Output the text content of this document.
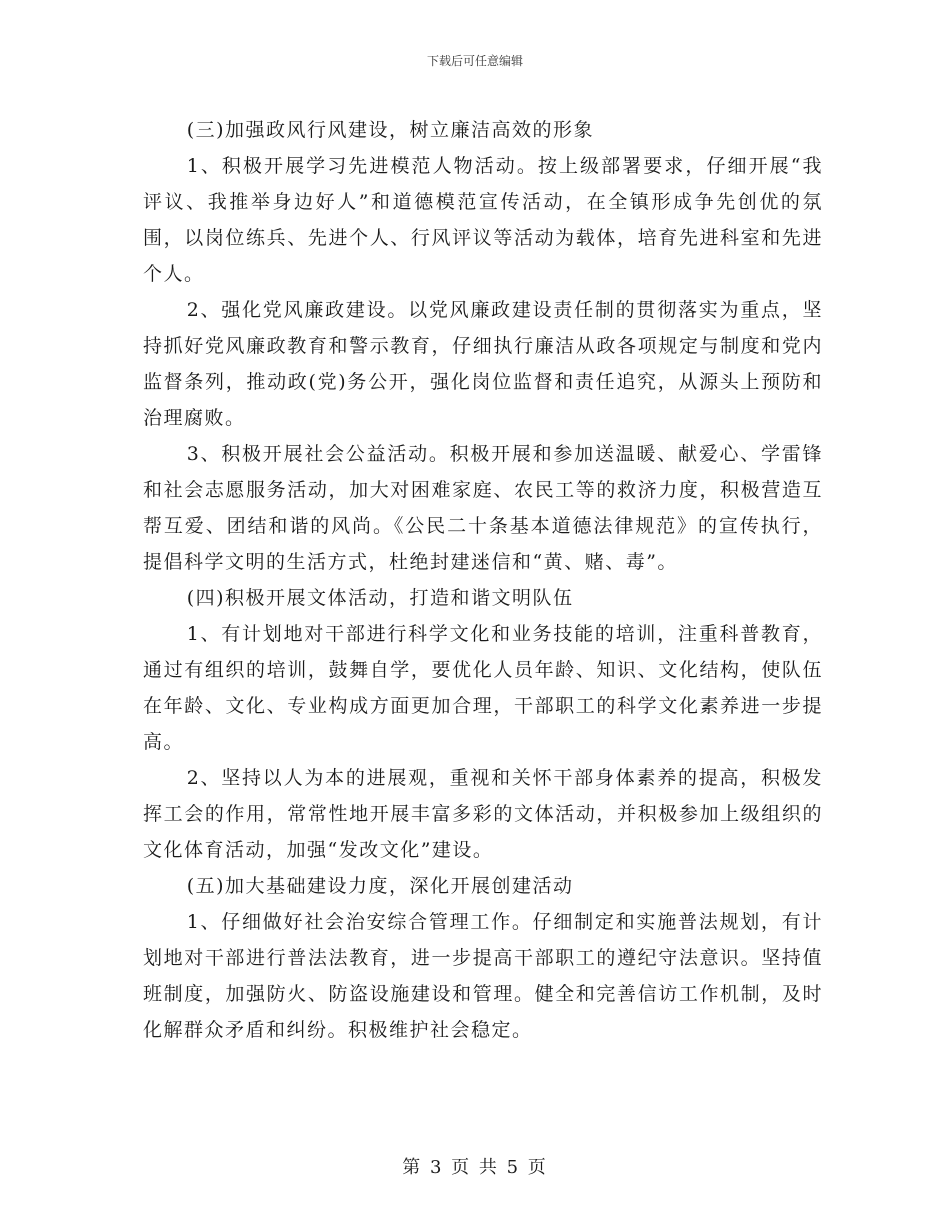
下载后可任意编辑

(三)加强政风行风建设，树立廉洁高效的形象

1、积极开展学习先进模范人物活动。按上级部署要求，仔细开展“我评议、我推举身边好人”和道德模范宣传活动，在全镇形成争先创优的氛围，以岗位练兵、先进个人、行风评议等活动为载体，培育先进科室和先进个人。

2、强化党风廉政建设。以党风廉政建设责任制的贯彻落实为重点，坚持抓好党风廉政教育和警示教育，仔细执行廉洁从政各项规定与制度和党内监督条列，推动政(党)务公开，强化岗位监督和责任追究，从源头上预防和治理腐败。

3、积极开展社会公益活动。积极开展和参加送温暖、献爱心、学雷锋和社会志愿服务活动，加大对困难家庭、农民工等的救济力度，积极营造互帮互爱、团结和谐的风尚。《公民二十条基本道德法律规范》的宣传执行，提倡科学文明的生活方式，杜绝封建迷信和“黄、赌、毒”。

(四)积极开展文体活动，打造和谐文明队伍

1、有计划地对干部进行科学文化和业务技能的培训，注重科普教育，通过有组织的培训，鼓舞自学，要优化人员年龄、知识、文化结构，使队伍在年龄、文化、专业构成方面更加合理，干部职工的科学文化素养进一步提高。

2、坚持以人为本的进展观，重视和关怀干部身体素养的提高，积极发挥工会的作用，常常性地开展丰富多彩的文体活动，并积极参加上级组织的文化体育活动，加强“发改文化”建设。

(五)加大基础建设力度，深化开展创建活动

1、仔细做好社会治安综合管理工作。仔细制定和实施普法规划，有计划地对干部进行普法法教育，进一步提高干部职工的遵纪守法意识。坚持值班制度，加强防火、防盗设施建设和管理。健全和完善信访工作机制，及时化解群众矛盾和纠纷。积极维护社会稳定。

第 3 页 共 5 页
